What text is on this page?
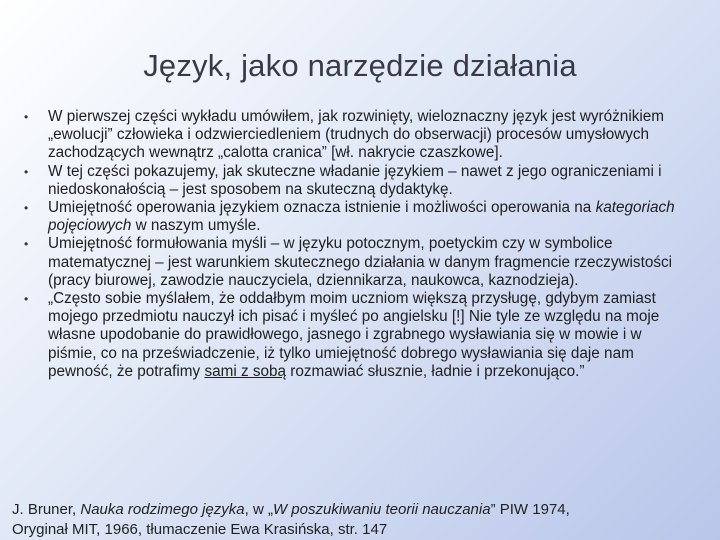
Język, jako narzędzie działania
• W pierwszej części wykładu umówiłem, jak rozwinięty, wieloznaczny język jest wyróżnikiem „ewolucji” człowieka i odzwierciedleniem (trudnych do obserwacji) procesów umysłowych zachodzących wewnątrz „calotta cranica” [wł. nakrycie czaszkowe].
• W tej części pokazujemy, jak skuteczne władanie językiem – nawet z jego ograniczeniami i niedoskonałością – jest sposobem na skuteczną dydaktykę.
• Umiejętność operowania językiem oznacza istnienie i możliwości operowania na kategoriach pojęciowych w naszym umyśle.
• Umiejętność formułowania myśli – w języku potocznym, poetyckim czy w symbolice matematycznej – jest warunkiem skutecznego działania w danym fragmencie rzeczywistości (pracy biurowej, zawodzie nauczyciela, dziennikarza, naukowca, kaznodzieja).
• „Często sobie myślałem, że oddałbym moim uczniom większą przysługę, gdybym zamiast mojego przedmiotu nauczył ich pisać i myśleć po angielsku [!] Nie tyle ze względu na moje własne upodobanie do prawidłowego, jasnego i zgrabnego wysławiania się w mowie i w piśmie, co na przeświadczenie, iż tylko umiejętność dobrego wysławiania się daje nam pewność, że potrafimy sami z sobą rozmawiać słusznie, ładnie i przekonująco.”
J. Bruner, Nauka rodzimego języka, w „W poszukiwaniu teorii nauczania” PIW 1974,
Oryginał MIT, 1966, tłumaczenie Ewa Krasińska, str. 147
